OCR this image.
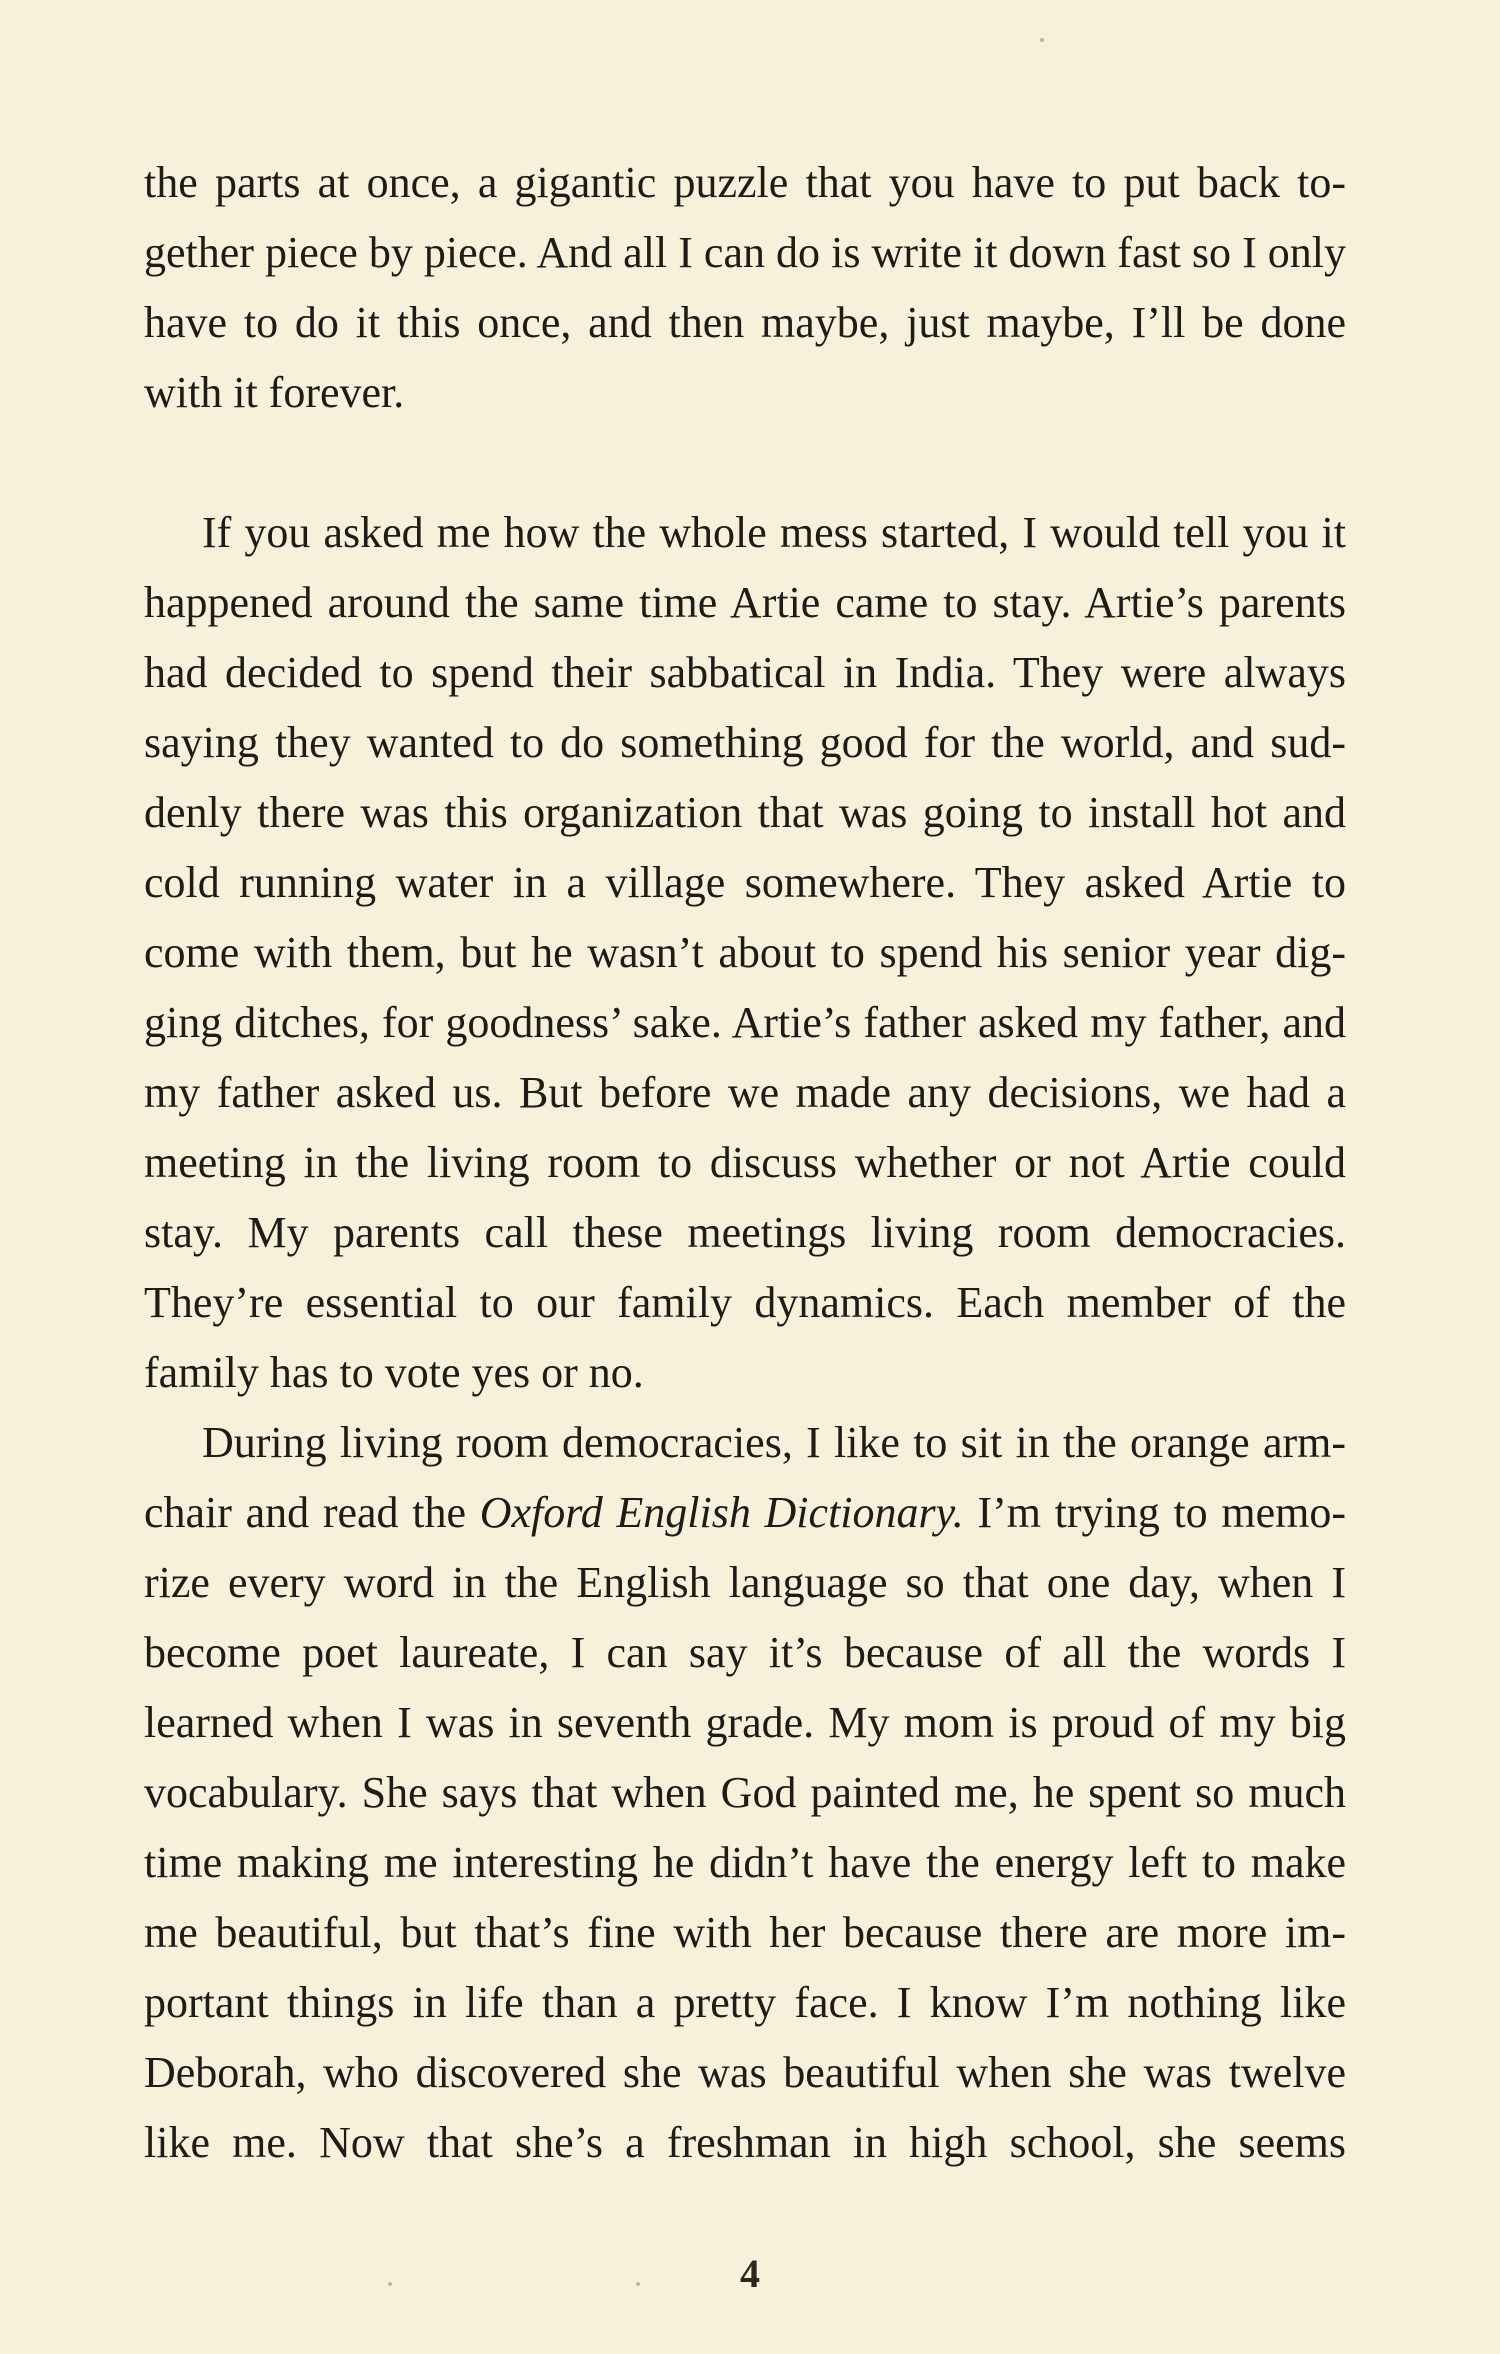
the parts at once, a gigantic puzzle that you have to put back to-
gether piece by piece. And all I can do is write it down fast so I only
have to do it this once, and then maybe, just maybe, I’ll be done
with it forever.
If you asked me how the whole mess started, I would tell you it
happened around the same time Artie came to stay. Artie’s parents
had decided to spend their sabbatical in India. They were always
saying they wanted to do something good for the world, and sud-
denly there was this organization that was going to install hot and
cold running water in a village somewhere. They asked Artie to
come with them, but he wasn’t about to spend his senior year dig-
ging ditches, for goodness’ sake. Artie’s father asked my father, and
my father asked us. But before we made any decisions, we had a
meeting in the living room to discuss whether or not Artie could
stay. My parents call these meetings living room democracies.
They’re essential to our family dynamics. Each member of the
family has to vote yes or no.
During living room democracies, I like to sit in the orange arm-
chair and read the Oxford English Dictionary. I’m trying to memo-
rize every word in the English language so that one day, when I
become poet laureate, I can say it’s because of all the words I
learned when I was in seventh grade. My mom is proud of my big
vocabulary. She says that when God painted me, he spent so much
time making me interesting he didn’t have the energy left to make
me beautiful, but that’s fine with her because there are more im-
portant things in life than a pretty face. I know I’m nothing like
Deborah, who discovered she was beautiful when she was twelve
like me. Now that she’s a freshman in high school, she seems
4
